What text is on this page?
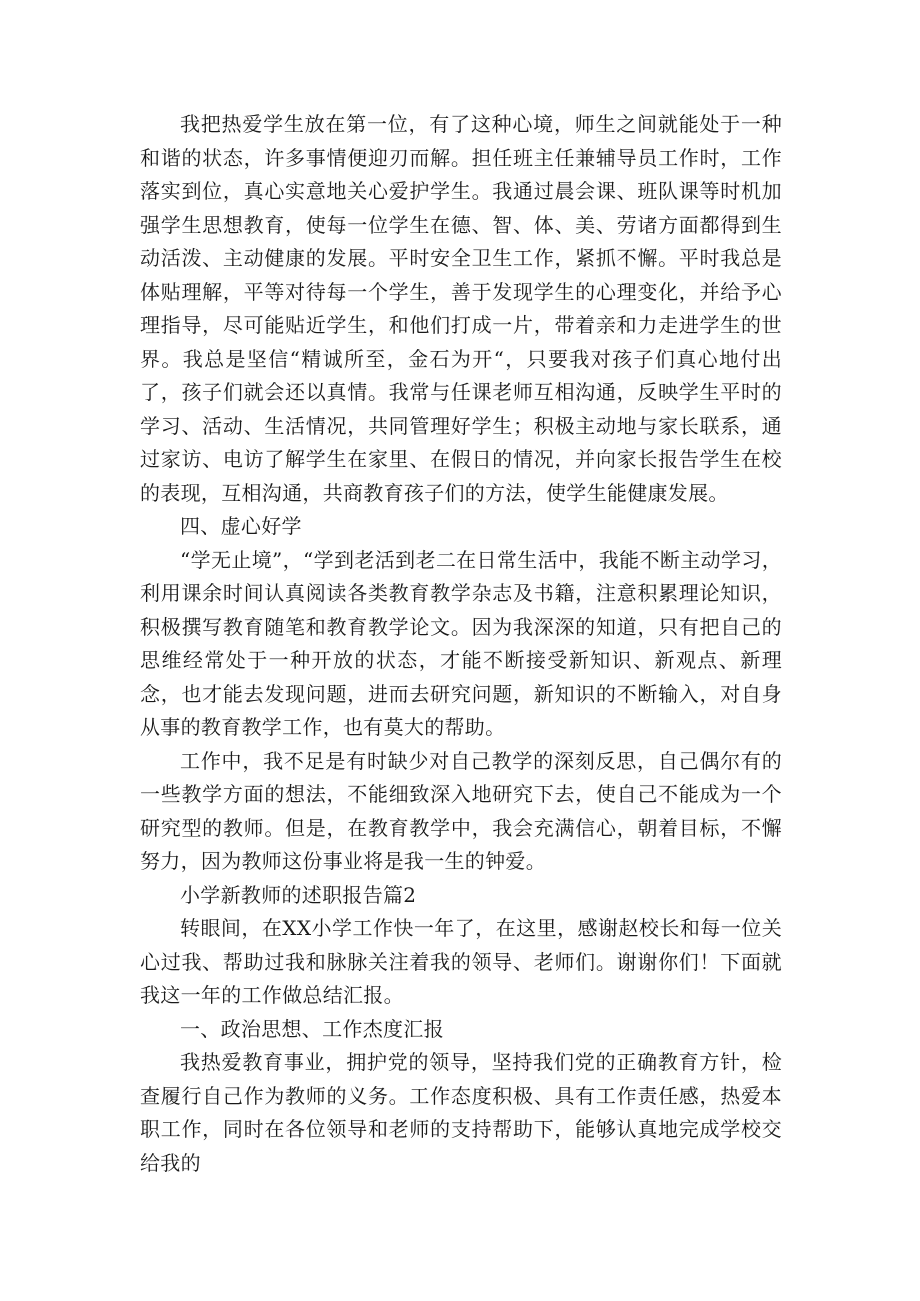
我把热爱学生放在第一位，有了这种心境，师生之间就能处于一种和谐的状态，许多事情便迎刃而解。担任班主任兼辅导员工作时，工作落实到位，真心实意地关心爱护学生。我通过晨会课、班队课等时机加强学生思想教育，使每一位学生在德、智、体、美、劳诸方面都得到生动活泼、主动健康的发展。平时安全卫生工作，紧抓不懈。平时我总是体贴理解，平等对待每一个学生，善于发现学生的心理变化，并给予心理指导，尽可能贴近学生，和他们打成一片，带着亲和力走进学生的世界。我总是坚信“精诚所至，金石为开“，只要我对孩子们真心地付出了，孩子们就会还以真情。我常与任课老师互相沟通，反映学生平时的学习、活动、生活情况，共同管理好学生；积极主动地与家长联系，通过家访、电访了解学生在家里、在假日的情况，并向家长报告学生在校的表现，互相沟通，共商教育孩子们的方法，使学生能健康发展。

四、虚心好学

“学无止境”，“学到老活到老二在日常生活中，我能不断主动学习，利用课余时间认真阅读各类教育教学杂志及书籍，注意积累理论知识，积极撰写教育随笔和教育教学论文。因为我深深的知道，只有把自己的思维经常处于一种开放的状态，才能不断接受新知识、新观点、新理念，也才能去发现问题，进而去研究问题，新知识的不断输入，对自身从事的教育教学工作，也有莫大的帮助。

工作中，我不足是有时缺少对自己教学的深刻反思，自己偶尔有的一些教学方面的想法，不能细致深入地研究下去，使自己不能成为一个研究型的教师。但是，在教育教学中，我会充满信心，朝着目标，不懈努力，因为教师这份事业将是我一生的钟爱。

小学新教师的述职报告篇2

转眼间，在XX小学工作快一年了，在这里，感谢赵校长和每一位关心过我、帮助过我和脉脉关注着我的领导、老师们。谢谢你们！下面就我这一年的工作做总结汇报。

一、政治思想、工作杰度汇报

我热爱教育事业，拥护党的领导，坚持我们党的正确教育方针，检查履行自己作为教师的义务。工作态度积极、具有工作责任感，热爱本职工作，同时在各位领导和老师的支持帮助下，能够认真地完成学校交给我的
